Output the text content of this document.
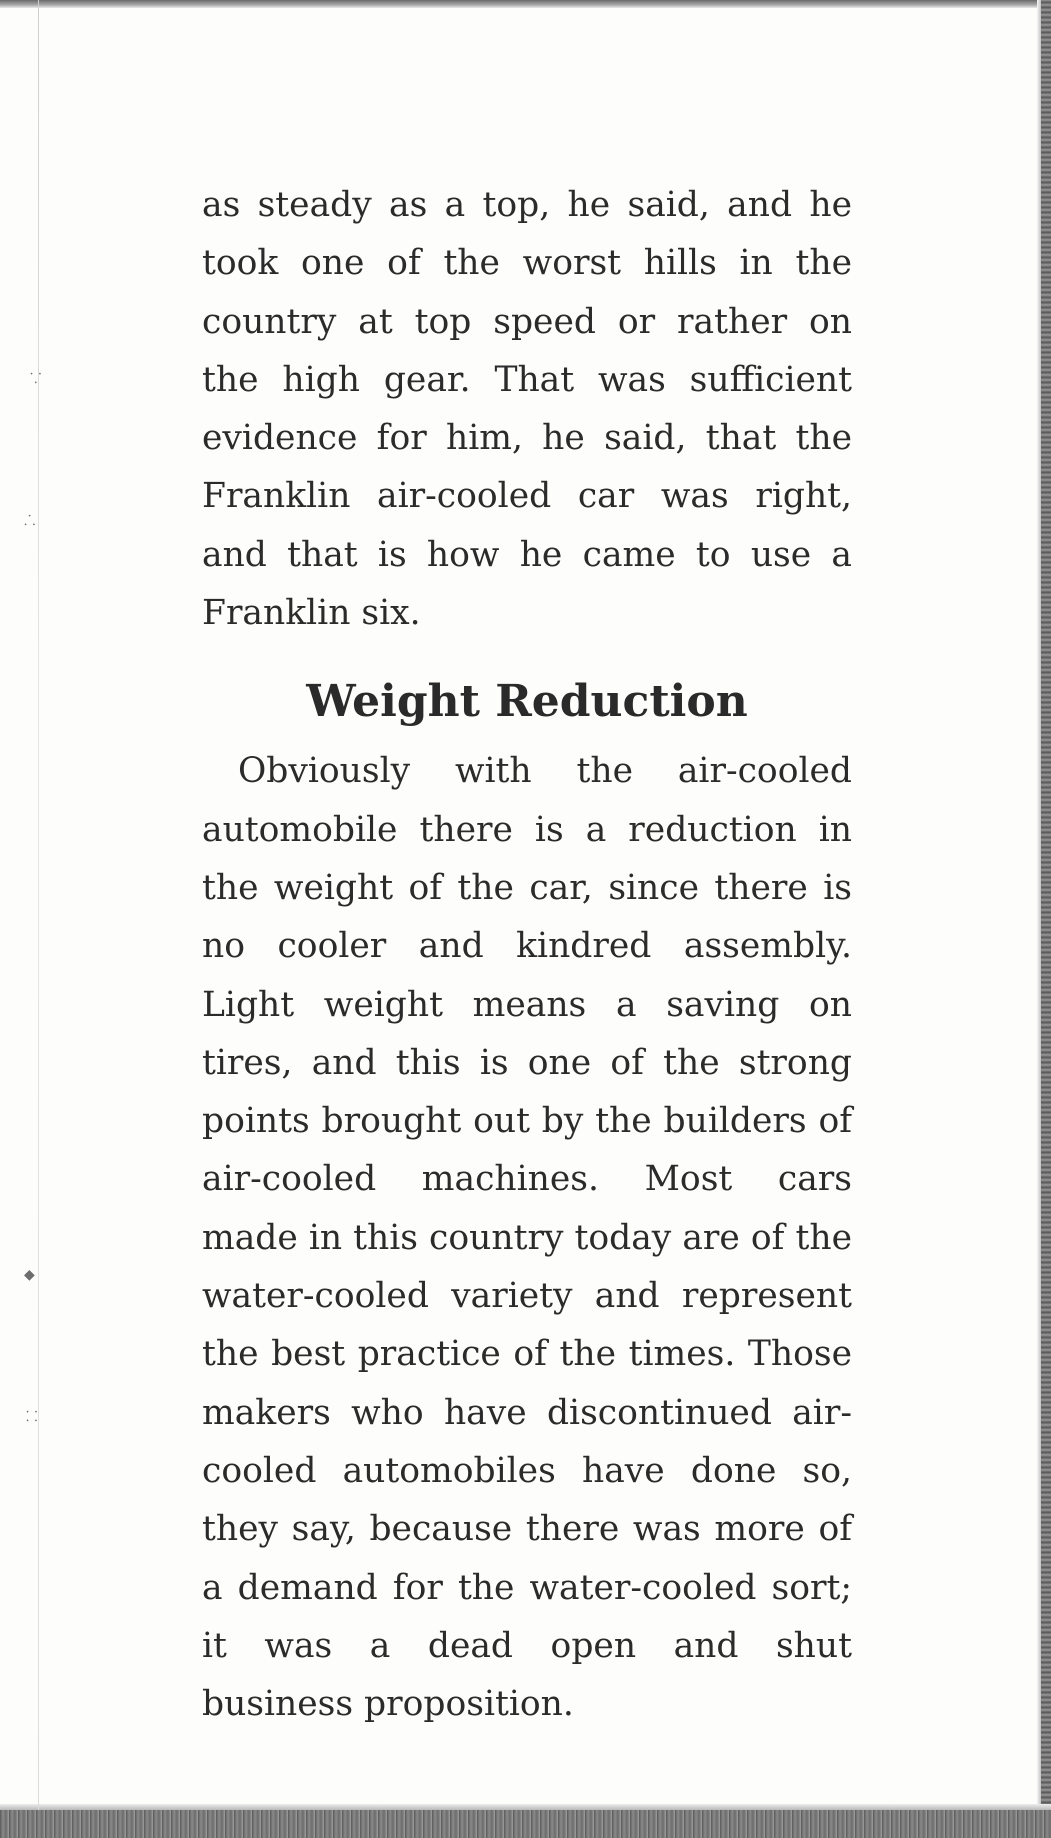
⸪
⸫
◆
⸬

as steady as a top, he said, and he took one of the worst hills in the country at top speed or rather on the high gear. That was sufficient evidence for him, he said, that the Franklin air-cooled car was right, and that is how he came to use a Franklin six.

Weight Reduction

Obviously with the air-cooled automobile there is a reduction in the weight of the car, since there is no cooler and kindred assembly. Light weight means a saving on tires, and this is one of the strong points brought out by the builders of air-cooled machines. Most cars made in this country today are of the water-cooled variety and represent the best practice of the times. Those makers who have discontinued air-cooled automobiles have done so, they say, because there was more of a demand for the water-cooled sort; it was a dead open and shut business proposition.
